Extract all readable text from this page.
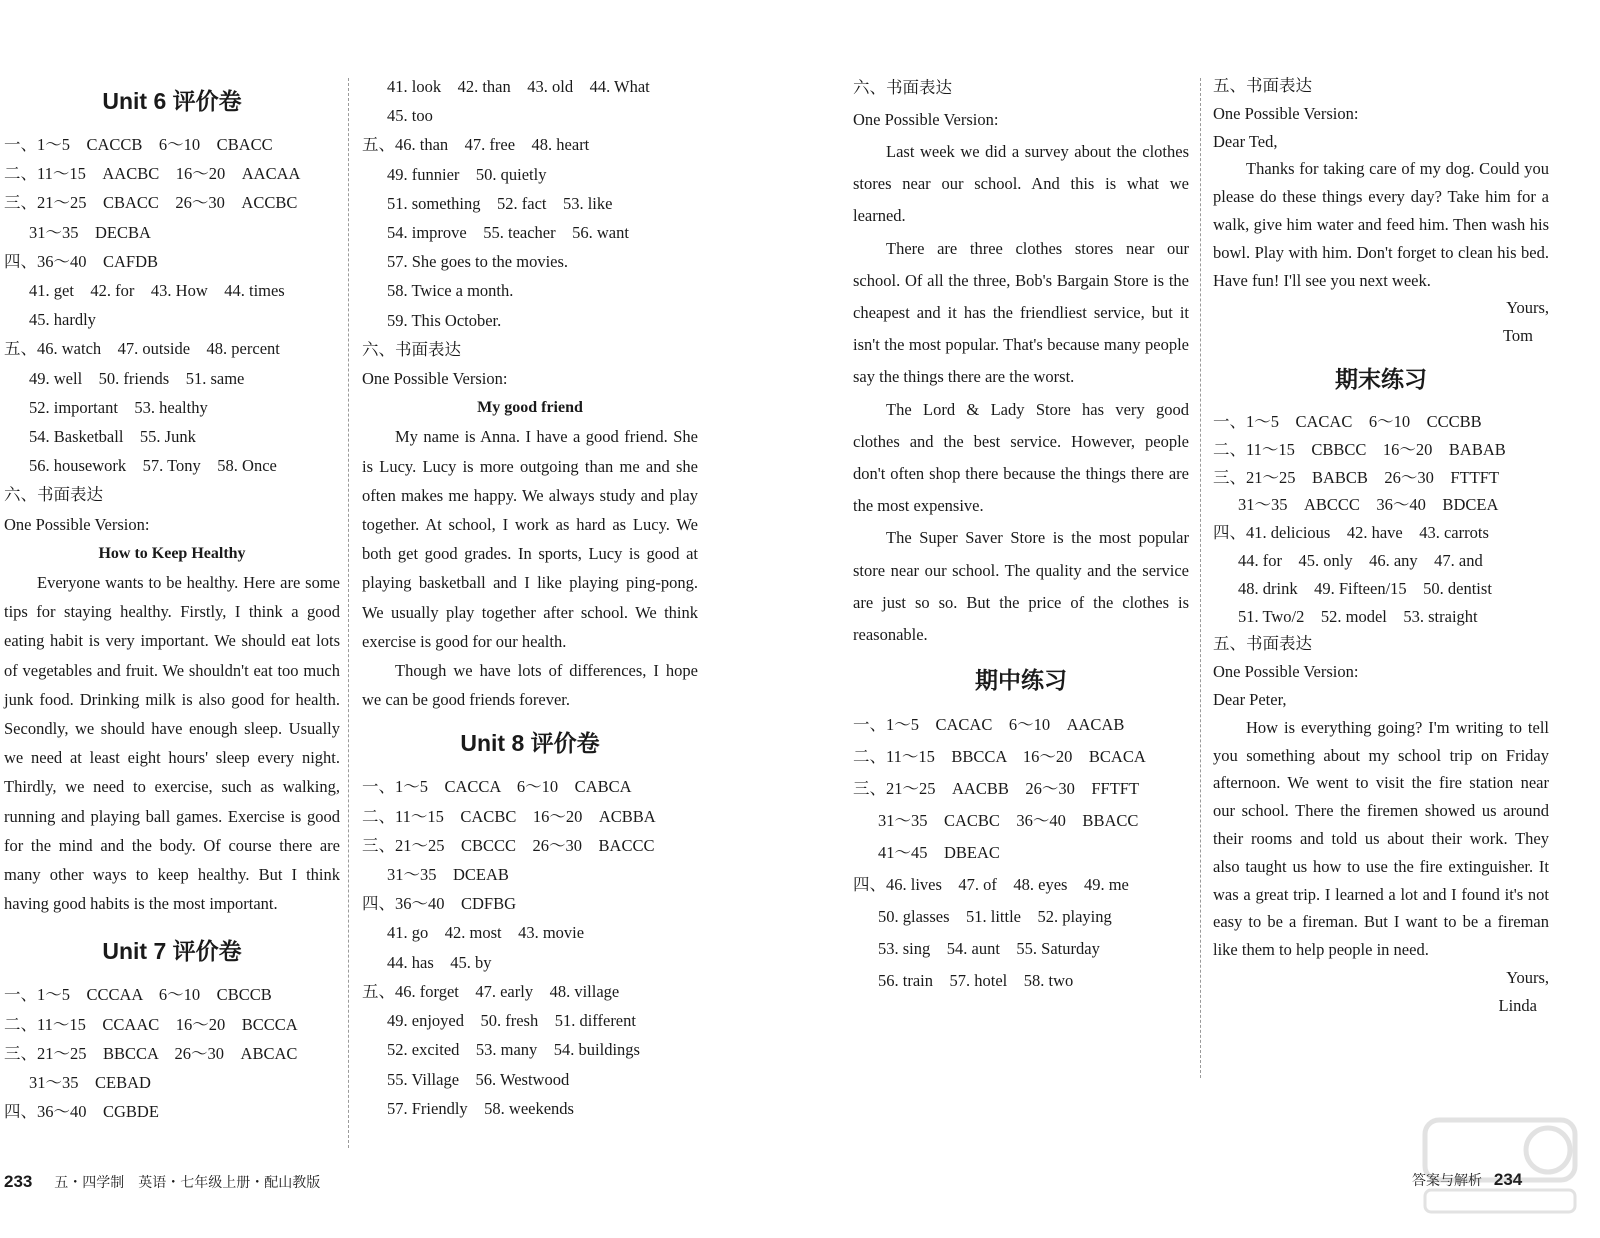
Unit 6 评价卷
一、1～5　CACCB　6～10　CBACC
二、11～15　AACBC　16～20　AACAA
三、21～25　CBACC　26～30　ACCBC
31～35　DECBA
四、36～40　CAFDB
41. get　42. for　43. How　44. times
45. hardly
五、46. watch　47. outside　48. percent
49. well　50. friends　51. same
52. important　53. healthy
54. Basketball　55. Junk
56. housework　57. Tony　58. Once
六、书面表达
One Possible Version:
How to Keep Healthy
Everyone wants to be healthy. Here are some tips for staying healthy. Firstly, I think a good eating habit is very important. We should eat lots of vegetables and fruit. We shouldn't eat too much junk food. Drinking milk is also good for health. Secondly, we should have enough sleep. Usually we need at least eight hours' sleep every night. Thirdly, we need to exercise, such as walking, running and playing ball games. Exercise is good for the mind and the body. Of course there are many other ways to keep healthy. But I think having good habits is the most important.
Unit 7 评价卷
一、1～5　CCCAA　6～10　CBCCB
二、11～15　CCAAC　16～20　BCCCA
三、21～25　BBCCA　26～30　ABCAC
31～35　CEBAD
四、36～40　CGBDE
41. look　42. than　43. old　44. What
45. too
五、46. than　47. free　48. heart
49. funnier　50. quietly
51. something　52. fact　53. like
54. improve　55. teacher　56. want
57. She goes to the movies.
58. Twice a month.
59. This October.
六、书面表达
One Possible Version:
My good friend
My name is Anna. I have a good friend. She is Lucy. Lucy is more outgoing than me and she often makes me happy. We always study and play together. At school, I work as hard as Lucy. We both get good grades. In sports, Lucy is good at playing basketball and I like playing ping-pong. We usually play together after school. We think exercise is good for our health.
Though we have lots of differences, I hope we can be good friends forever.
Unit 8 评价卷
一、1～5　CACCA　6～10　CABCA
二、11～15　CACBC　16～20　ACBBA
三、21～25　CBCCC　26～30　BACCC
31～35　DCEAB
四、36～40　CDFBG
41. go　42. most　43. movie
44. has　45. by
五、46. forget　47. early　48. village
49. enjoyed　50. fresh　51. different
52. excited　53. many　54. buildings
55. Village　56. Westwood
57. Friendly　58. weekends
六、书面表达
One Possible Version:
Last week we did a survey about the clothes stores near our school. And this is what we learned.
There are three clothes stores near our school. Of all the three, Bob's Bargain Store is the cheapest and it has the friendliest service, but it isn't the most popular. That's because many people say the things there are the worst.
The Lord & Lady Store has very good clothes and the best service. However, people don't often shop there because the things there are the most expensive.
The Super Saver Store is the most popular store near our school. The quality and the service are just so so. But the price of the clothes is reasonable.
期中练习
一、1～5　CACAC　6～10　AACAB
二、11～15　BBCCA　16～20　BCACA
三、21～25　AACBB　26～30　FFTFT
31～35　CACBC　36～40　BBACC
41～45　DBEAC
四、46. lives　47. of　48. eyes　49. me
50. glasses　51. little　52. playing
53. sing　54. aunt　55. Saturday
56. train　57. hotel　58. two
五、书面表达
One Possible Version:
Dear Ted,
Thanks for taking care of my dog. Could you please do these things every day? Take him for a walk, give him water and feed him. Then wash his bowl. Play with him. Don't forget to clean his bed. Have fun! I'll see you next week.
Yours,
Tom
期末练习
一、1～5　CACAC　6～10　CCCBB
二、11～15　CBBCC　16～20　BABAB
三、21～25　BABCB　26～30　FTTFT
31～35　ABCCC　36～40　BDCEA
四、41. delicious　42. have　43. carrots
44. for　45. only　46. any　47. and
48. drink　49. Fifteen/15　50. dentist
51. Two/2　52. model　53. straight
五、书面表达
One Possible Version:
Dear Peter,
How is everything going? I'm writing to tell you something about my school trip on Friday afternoon. We went to visit the fire station near our school. There the firemen showed us around their rooms and told us about their work. They also taught us how to use the fire extinguisher. It was a great trip. I learned a lot and I found it's not easy to be a fireman. But I want to be a fireman like them to help people in need.
Yours,
Linda
233 五・四学制　英语・七年级上册・配山教版	答案与解析 234
